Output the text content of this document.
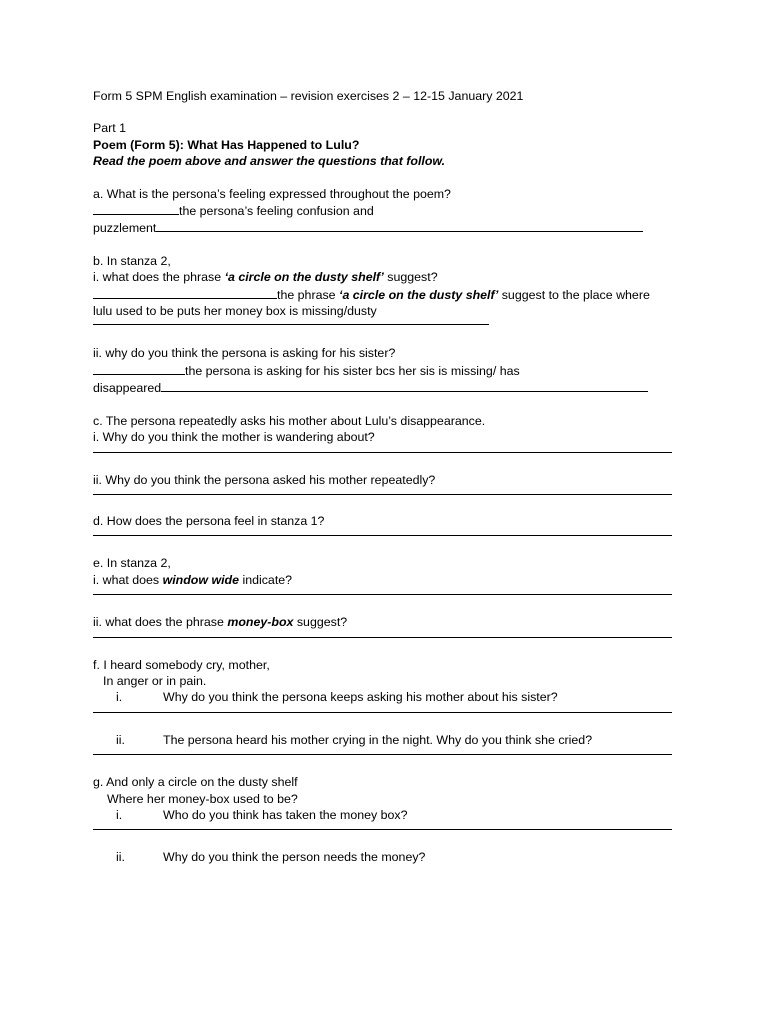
Form 5 SPM English examination – revision exercises 2 – 12-15 January 2021

Part 1

Poem (Form 5): What Has Happened to Lulu?

Read the poem above and answer the questions that follow.

a. What is the persona’s feeling expressed throughout the poem?

the persona’s feeling confusion and

puzzlement

b. In stanza 2,

i. what does the phrase ‘a circle on the dusty shelf’ suggest?

the phrase ‘a circle on the dusty shelf’ suggest to the place where

lulu used to be puts her money box is missing/dusty

ii. why do you think the persona is asking for his sister?

the persona is asking for his sister bcs her sis is missing/ has

disappeared

c. The persona repeatedly asks his mother about Lulu’s disappearance.

i. Why do you think the mother is wandering about?

ii. Why do you think the persona asked his mother repeatedly?

d. How does the persona feel in stanza 1?

e. In stanza 2,

i. what does window wide indicate?

ii. what does the phrase money-box suggest?

f. I heard somebody cry, mother,

In anger or in pain.

i.	Why do you think the persona keeps asking his mother about his sister?
ii.	The persona heard his mother crying in the night. Why do you think she cried?

g. And only a circle on the dusty shelf

Where her money-box used to be?

i.	Who do you think has taken the money box?
ii.	Why do you think the person needs the money?
